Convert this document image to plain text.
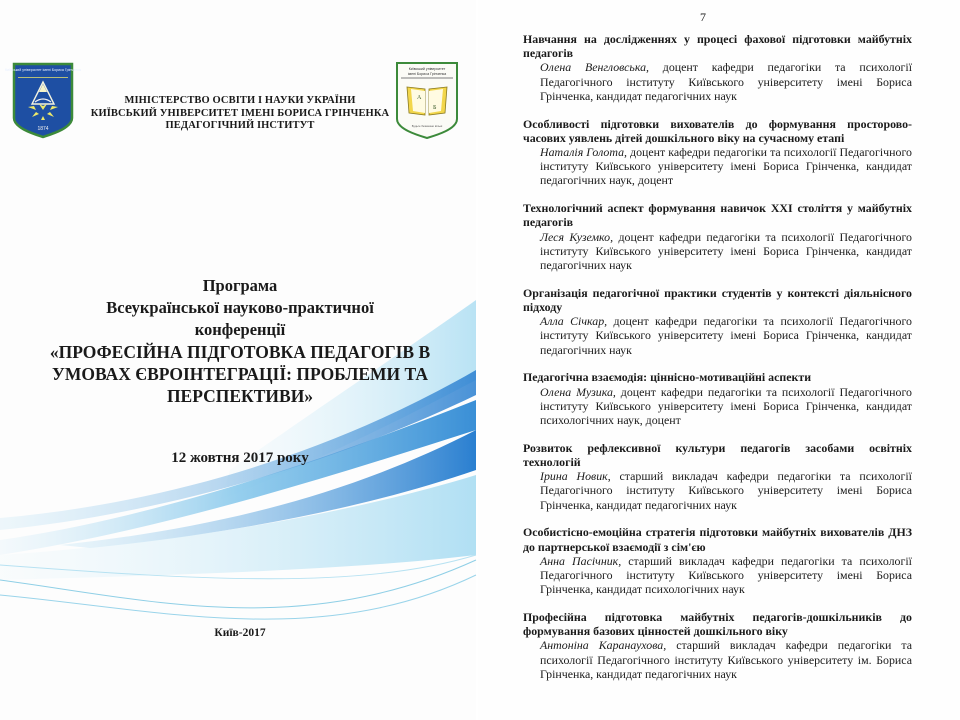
Київський університет імені Бориса Грінченка
1874
МІНІСТЕРСТВО ОСВІТИ І НАУКИ УКРАЇНИ
КИЇВСЬКИЙ УНІВЕРСИТЕТ ІМЕНІ БОРИСА ГРІНЧЕНКА
ПЕДАГОГІЧНИЙ ІНСТИТУТ
Київський університет
імені Бориса Грінченка
А
Б
Будьте безмежно вільні
Програма
Всеукраїнської науково-практичної
конференції
«ПРОФЕСІЙНА ПІДГОТОВКА ПЕДАГОГІВ В
УМОВАХ ЄВРОІНТЕГРАЦІЇ: ПРОБЛЕМИ ТА
ПЕРСПЕКТИВИ»
12 жовтня 2017 року
Київ-2017
7
Навчання на дослідженнях у процесі фахової підготовки майбутніх педагогів
Олена Венгловська, доцент кафедри педагогіки та психології Педагогічного інституту Київського університету імені Бориса Грінченка, кандидат педагогічних наук
Особливості підготовки вихователів до формування просторово-часових уявлень дітей дошкільного віку на сучасному етапі
Наталія Голота, доцент кафедри педагогіки та психології Педагогічного інституту Київського університету імені Бориса Грінченка, кандидат педагогічних наук, доцент
Технологічний аспект формування навичок ХХІ століття у майбутніх педагогів
Леся Куземко, доцент кафедри педагогіки та психології Педагогічного інституту Київського університету імені Бориса Грінченка, кандидат педагогічних наук
Організація педагогічної практики студентів у контексті діяльнісного підходу
Алла Січкар, доцент кафедри педагогіки та психології Педагогічного інституту Київського університету імені Бориса Грінченка, кандидат педагогічних наук
Педагогічна взаємодія: ціннісно-мотиваційні аспекти
Олена Музика, доцент кафедри педагогіки та психології Педагогічного інституту Київського університету імені Бориса Грінченка, кандидат психологічних наук, доцент
Розвиток рефлексивної культури педагогів засобами освітніх технологій
Ірина Новик, старший викладач кафедри педагогіки та психології Педагогічного інституту Київського університету імені Бориса Грінченка, кандидат педагогічних наук
Особистісно-емоційна стратегія підготовки майбутніх вихователів ДНЗ до партнерської взаємодії з сім'єю
Анна Пасічник, старший викладач кафедри педагогіки та психології Педагогічного інституту Київського університету імені Бориса Грінченка, кандидат психологічних наук
Професійна підготовка майбутніх педагогів-дошкільників до формування базових цінностей дошкільного віку
Антоніна Каранаухова, старший викладач кафедри педагогіки та психології Педагогічного інституту Київського університету ім. Бориса Грінченка, кандидат педагогічних наук
